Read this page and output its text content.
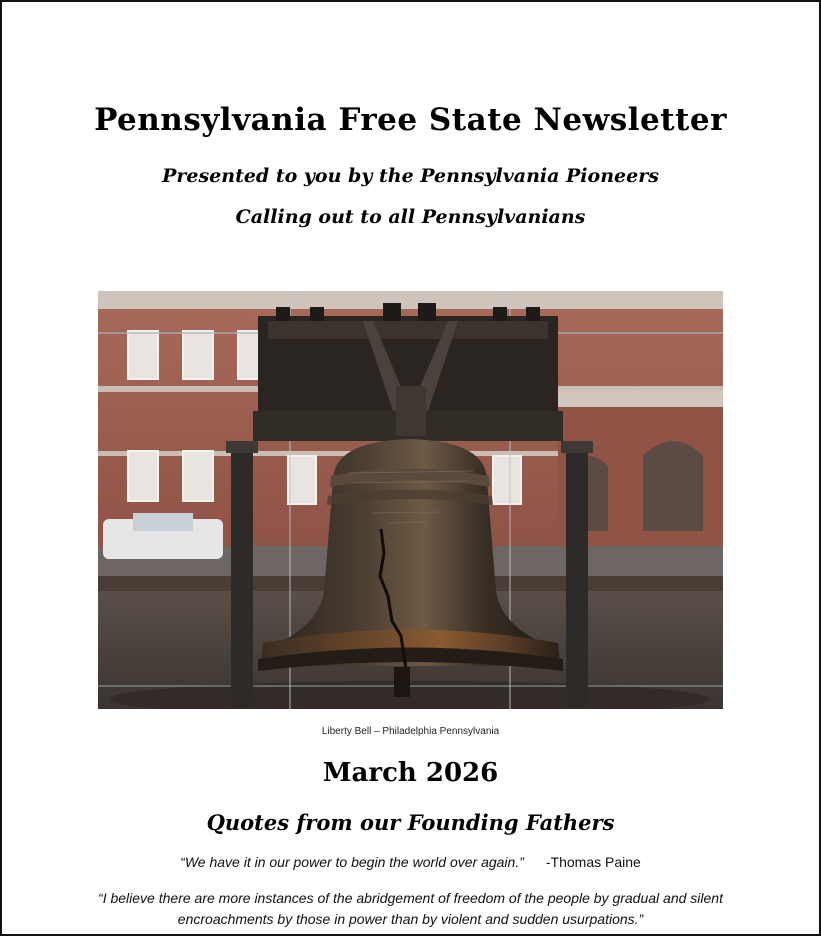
Pennsylvania Free State Newsletter
Presented to you by the Pennsylvania Pioneers
Calling out to all Pennsylvanians
Liberty Bell – Philadelphia Pennsylvania
March 2026
Quotes from our Founding Fathers
“We have it in our power to begin the world over again.” -Thomas Paine
“I believe there are more instances of the abridgement of freedom of the people by gradual and silent encroachments by those in power than by violent and sudden usurpations.”
